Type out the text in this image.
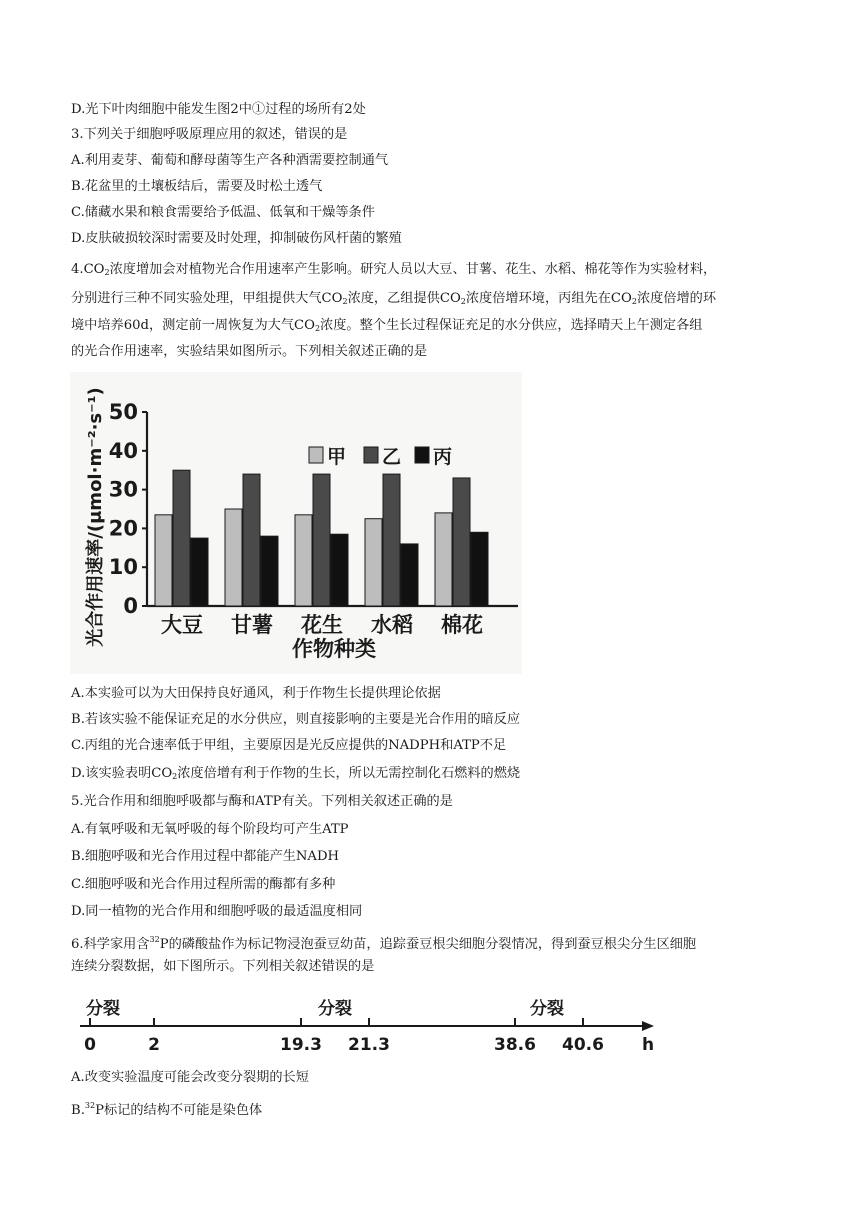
D.光下叶肉细胞中能发生图2中①过程的场所有2处
3.下列关于细胞呼吸原理应用的叙述，错误的是
A.利用麦芽、葡萄和酵母菌等生产各种酒需要控制通气
B.花盆里的土壤板结后，需要及时松土透气
C.储藏水果和粮食需要给予低温、低氧和干燥等条件
D.皮肤破损较深时需要及时处理，抑制破伤风杆菌的繁殖
$4.CO_2$浓度增加会对植物光合作用速率产生影响。研究人员以大豆、甘薯、花生、水稻、棉花等作为实验材料，
分别进行三种不同实验处理，甲组提供大气$CO_2$浓度，乙组提供$CO_2$浓度倍增环境，丙组先在$CO_2$浓度倍增的环
境中培养60d，测定前一周恢复为大气$CO_2$浓度。整个生长过程保证充足的水分供应，选择晴天上午测定各组
的光合作用速率，实验结果如图所示。下列相关叙述正确的是
光合作用速率/(μmol·m⁻²·s⁻¹)
作物种类
0
10
20
30
40
50
大豆 甘薯 花生 水稻 棉花
甲 乙 丙
A.本实验可以为大田保持良好通风，利于作物生长提供理论依据
B.若该实验不能保证充足的水分供应，则直接影响的主要是光合作用的暗反应
C.丙组的光合速率低于甲组，主要原因是光反应提供的NADPH和ATP不足
D.该实验表明$CO_2$浓度倍增有利于作物的生长，所以无需控制化石燃料的燃烧
5.光合作用和细胞呼吸都与酶和ATP有关。下列相关叙述正确的是
A.有氧呼吸和无氧呼吸的每个阶段均可产生ATP
B.细胞呼吸和光合作用过程中都能产生NADH
C.细胞呼吸和光合作用过程所需的酶都有多种
D.同一植物的光合作用和细胞呼吸的最适温度相同
6.科学家用含$^{32}$P的磷酸盐作为标记物浸泡蚕豆幼苗，追踪蚕豆根尖细胞分裂情况，得到蚕豆根尖分生区细胞
连续分裂数据，如下图所示。下列相关叙述错误的是
0	2	19.3 21.3	38.6 40.6
分裂	分裂	分裂
h
A.改变实验温度可能会改变分裂期的长短
B.$^{32}$P标记的结构不可能是染色体
